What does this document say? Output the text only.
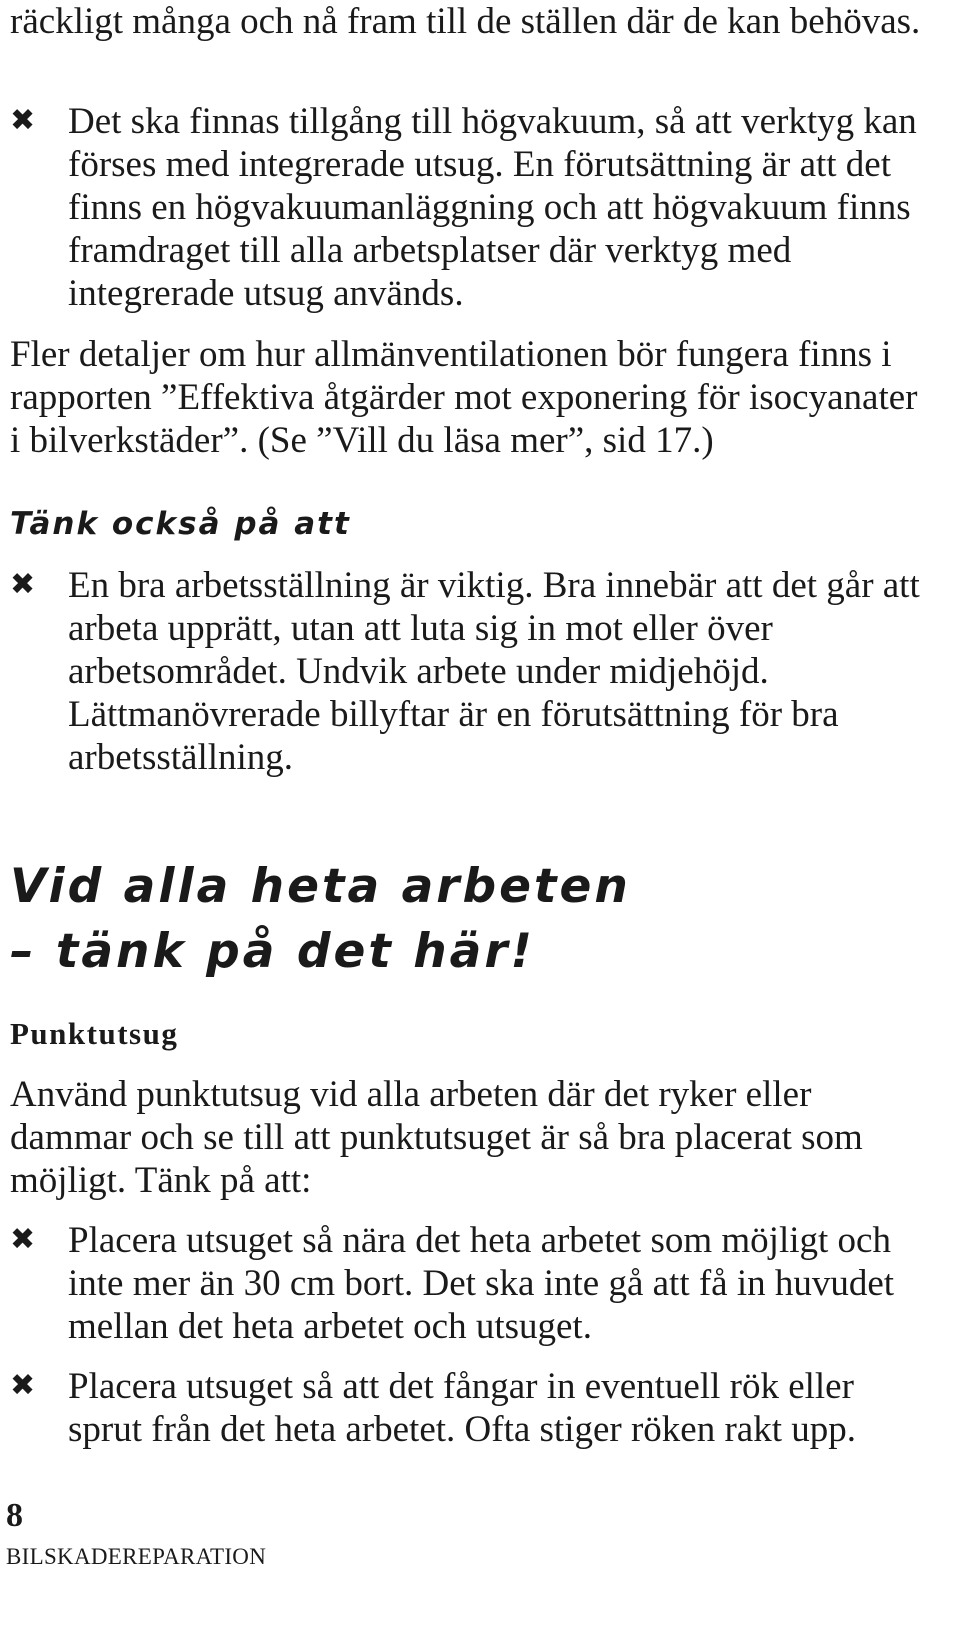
räckligt många och nå fram till de ställen där de kan behövas.

✖ Det ska finnas tillgång till högvakuum, så att verktyg kan förses med integrerade utsug. En förutsättning är att det finns en högvakuumanläggning och att högvakuum finns framdraget till alla arbetsplatser där verktyg med integrerade utsug används.

Fler detaljer om hur allmänventilationen bör fungera finns i rapporten ”Effektiva åtgärder mot exponering för isocyanater i bilverkstäder”. (Se ”Vill du läsa mer”, sid 17.)

Tänk också på att
✖ En bra arbetsställning är viktig. Bra innebär att det går att arbeta upprätt, utan att luta sig in mot eller över arbetsområdet. Undvik arbete under midjehöjd. Lättmanövrerade billyftar är en förutsättning för bra arbetsställning.

Vid alla heta arbeten
– tänk på det här!
Punktutsug

Använd punktutsug vid alla arbeten där det ryker eller dammar och se till att punktutsuget är så bra placerat som möjligt. Tänk på att:

✖ Placera utsuget så nära det heta arbetet som möjligt och inte mer än 30 cm bort. Det ska inte gå att få in huvudet mellan det heta arbetet och utsuget.

✖ Placera utsuget så att det fångar in eventuell rök eller sprut från det heta arbetet. Ofta stiger röken rakt upp.

8
BILSKADEREPARATION
